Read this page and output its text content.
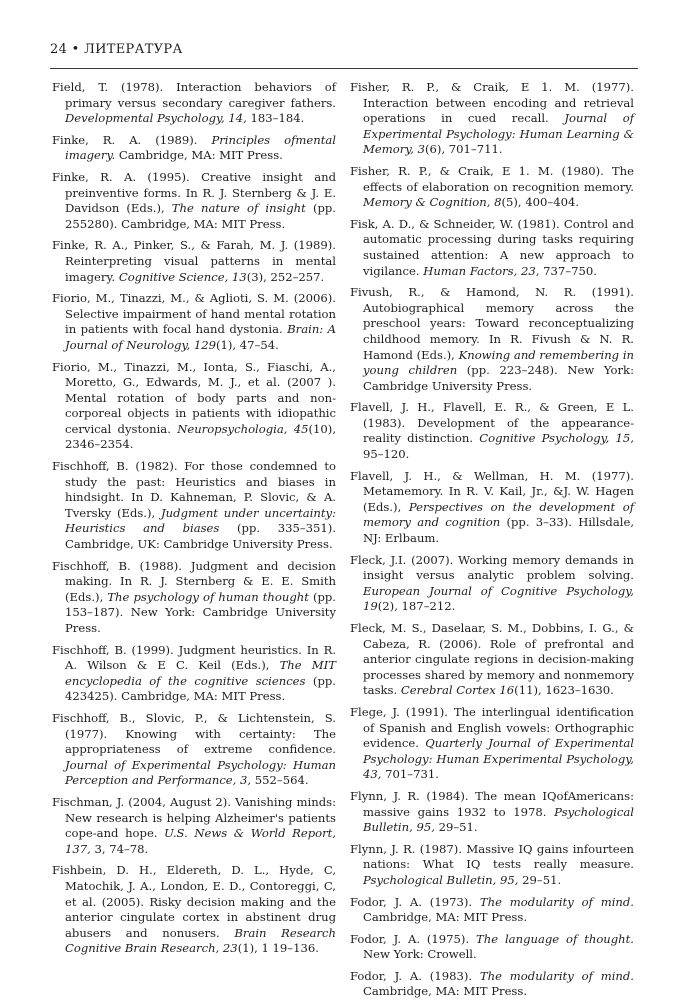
24 • ЛИТЕРАТУРА

Field, T. (1978). Interaction behaviors of primary versus secondary caregiver fathers. Developmental Psychology, 14, 183–184.

Finke, R. A. (1989). Principles ofmental imagery. Cambridge, MA: MIT Press.

Finke, R. A. (1995). Creative insight and preinventive forms. In R. J. Sternberg & J. E. Davidson (Eds.), The nature of insight (pp. 255280). Cambridge, MA: MIT Press.

Finke, R. A., Pinker, S., & Farah, M. J. (1989). Reinterpreting visual patterns in mental imagery. Cognitive Science, 13(3), 252–257.

Fiorio, M., Tinazzi, M., & Aglioti, S. M. (2006). Selective impairment of hand mental rotation in patients with focal hand dystonia. Brain: A Journal of Neurology, 129(1), 47–54.

Fiorio, M., Tinazzi, M., Ionta, S., Fiaschi, A., Moretto, G., Edwards, M. J., et al. (2007 ). Mental rotation of body parts and non-corporeal objects in patients with idiopathic cervical dystonia. Neuropsychologia, 45(10), 2346–2354.

Fischhoff, B. (1982). For those condemned to study the past: Heuristics and biases in hindsight. In D. Kahneman, P. Slovic, & A. Tversky (Eds.), Judgment under uncertainty: Heuristics and biases (pp. 335–351). Cambridge, UK: Cambridge University Press.

Fischhoff, B. (1988). Judgment and decision making. In R. J. Sternberg & E. E. Smith (Eds.), The psychology of human thought (pp. 153–187). New York: Cambridge University Press.

Fischhoff, B. (1999). Judgment heuristics. In R. A. Wilson & E C. Keil (Eds.), The MIT encyclopedia of the cognitive sciences (pp. 423425). Cambridge, MA: MIT Press.

Fischhoff, B., Slovic, P., & Lichtenstein, S. (1977). Knowing with certainty: The appropriateness of extreme confidence. Journal of Experimental Psychology: Human Perception and Performance, 3, 552–564.

Fischman, J. (2004, August 2). Vanishing minds: New research is helping Alzheimer's patients cope-and hope. U.S. News & World Report, 137, 3, 74–78.

Fishbein, D. H., Eldereth, D. L., Hyde, C, Matochik, J. A., London, E. D., Contoreggi, C, et al. (2005). Risky decision making and the anterior cingulate cortex in abstinent drug abusers and nonusers. Brain Research Cognitive Brain Research, 23(1), 1 19–136.

Fisher, R. P., & Craik, E 1. M. (1977). Interaction between encoding and retrieval operations in cued recall. Journal of Experimental Psychology: Human Learning & Memory, 3(6), 701–711.

Fisher, R. P., & Craik, E 1. M. (1980). The effects of elaboration on recognition memory. Memory & Cognition, 8(5), 400–404.

Fisk, A. D., & Schneider, W. (1981). Control and automatic processing during tasks requiring sustained attention: A new approach to vigilance. Human Factors, 23, 737–750.

Fivush, R., & Hamond, N. R. (1991). Autobiographical memory across the preschool years: Toward reconceptualizing childhood memory. In R. Fivush & N. R. Hamond (Eds.), Knowing and remembering in young children (pp. 223–248). New York: Cambridge University Press.

Flavell, J. H., Flavell, E. R., & Green, E L. (1983). Development of the appearance-reality distinction. Cognitive Psychology, 15, 95–120.

Flavell, J. H., & Wellman, H. M. (1977). Metamemory. In R. V. Kail, Jr., &J. W. Hagen (Eds.), Perspectives on the development of memory and cognition (pp. 3–33). Hillsdale, NJ: Erlbaum.

Fleck, J.I. (2007). Working memory demands in insight versus analytic problem solving. European Journal of Cognitive Psychology, 19(2), 187–212.

Fleck, M. S., Daselaar, S. M., Dobbins, I. G., & Cabeza, R. (2006). Role of prefrontal and anterior cingulate regions in decision-making processes shared by memory and nonmemory tasks. Cerebral Cortex 16(11), 1623–1630.

Flege, J. (1991). The interlingual identification of Spanish and English vowels: Orthographic evidence. Quarterly Journal of Experimental Psychology: Human Experimental Psychology, 43, 701–731.

Flynn, J. R. (1984). The mean IQofAmericans: massive gains 1932 to 1978. Psychological Bulletin, 95, 29–51.

Flynn, J. R. (1987). Massive IQ gains infourteen nations: What IQ tests really measure. Psychological Bulletin, 95, 29–51.

Fodor, J. A. (1973). The modularity of mind. Cambridge, MA: MIT Press.

Fodor, J. A. (1975). The language of thought. New York: Crowell.

Fodor, J. A. (1983). The modularity of mind. Cambridge, MA: MIT Press.
